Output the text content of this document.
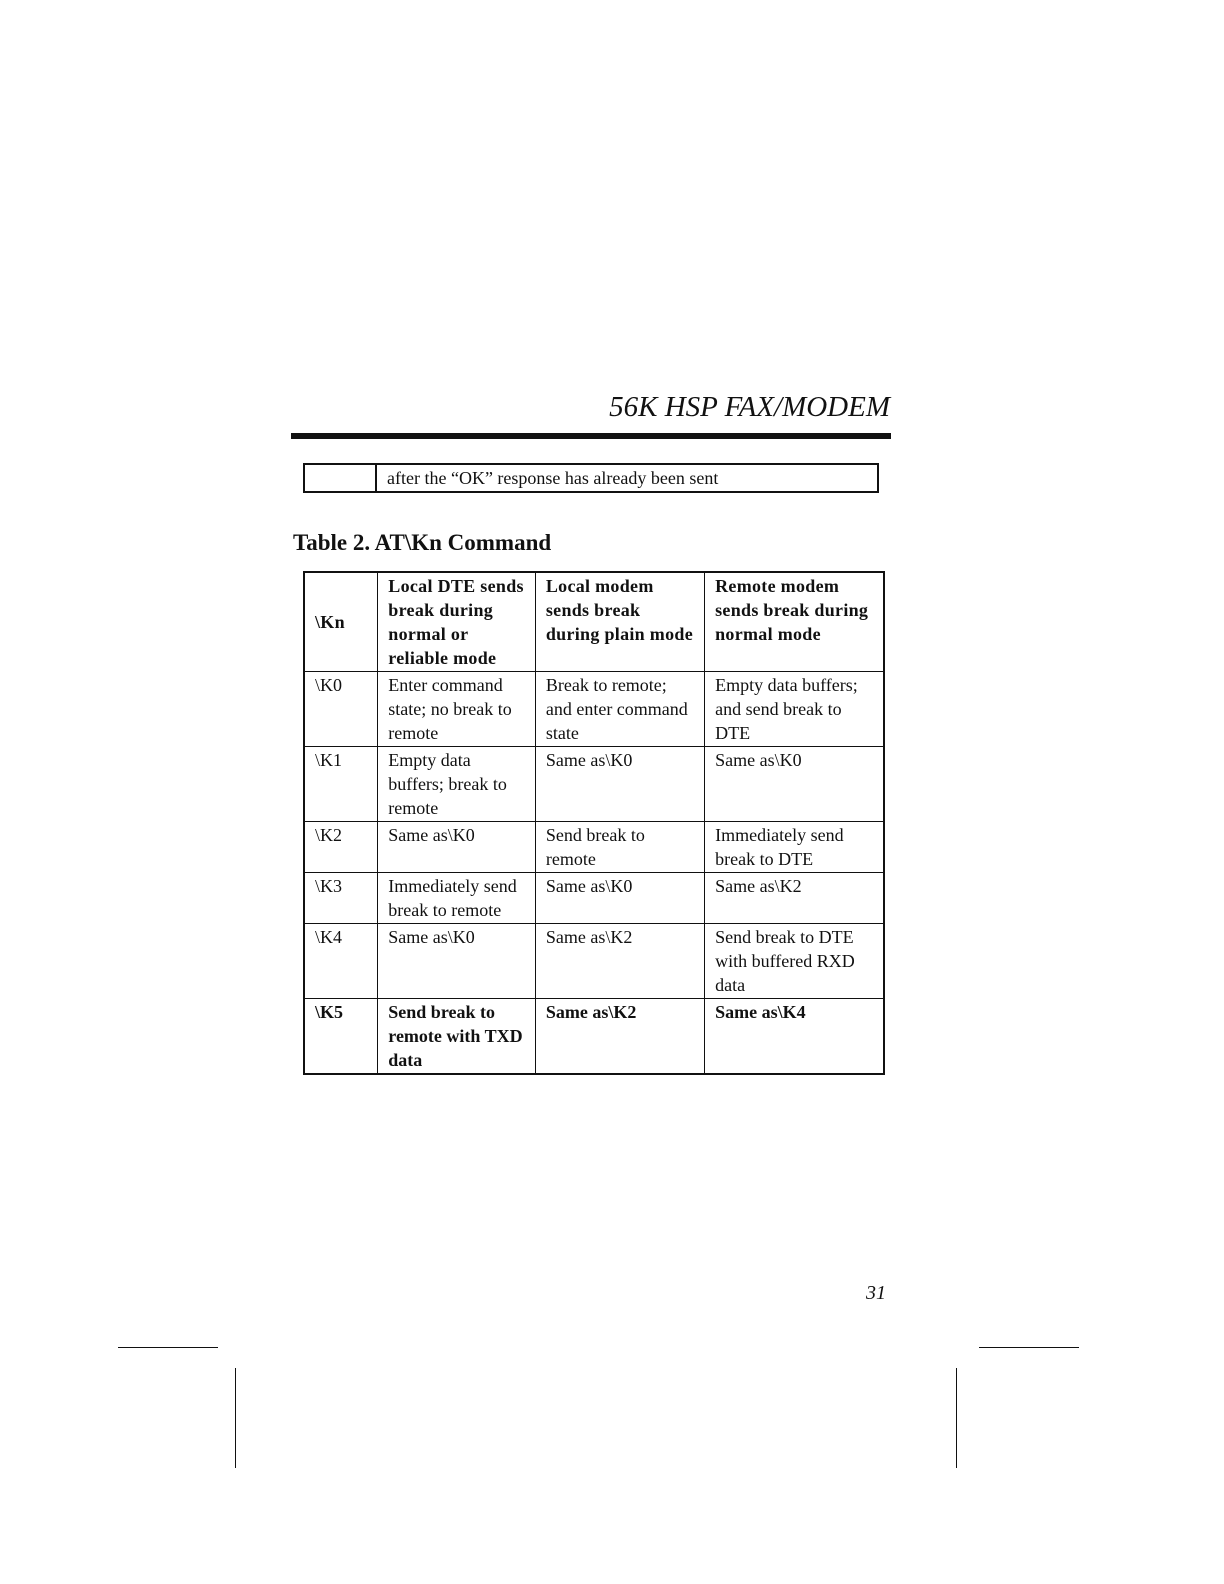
56K HSP FAX/MODEM
after the “OK” response has already been sent
Table 2. AT\Kn Command
\Kn	Local DTE sends break during normal or reliable mode	Local modem sends break during plain mode	Remote modem sends break during normal mode
\K0	Enter command state; no break to remote	Break to remote; and enter command state	Empty data buffers; and send break to DTE
\K1	Empty data buffers; break to remote	Same as\K0	Same as\K0
\K2	Same as\K0	Send break to remote	Immediately send break to DTE
\K3	Immediately send break to remote	Same as\K0	Same as\K2
\K4	Same as\K0	Same as\K2	Send break to DTE with buffered RXD data
\K5	Send break to remote with TXD data	Same as\K2	Same as\K4
31
